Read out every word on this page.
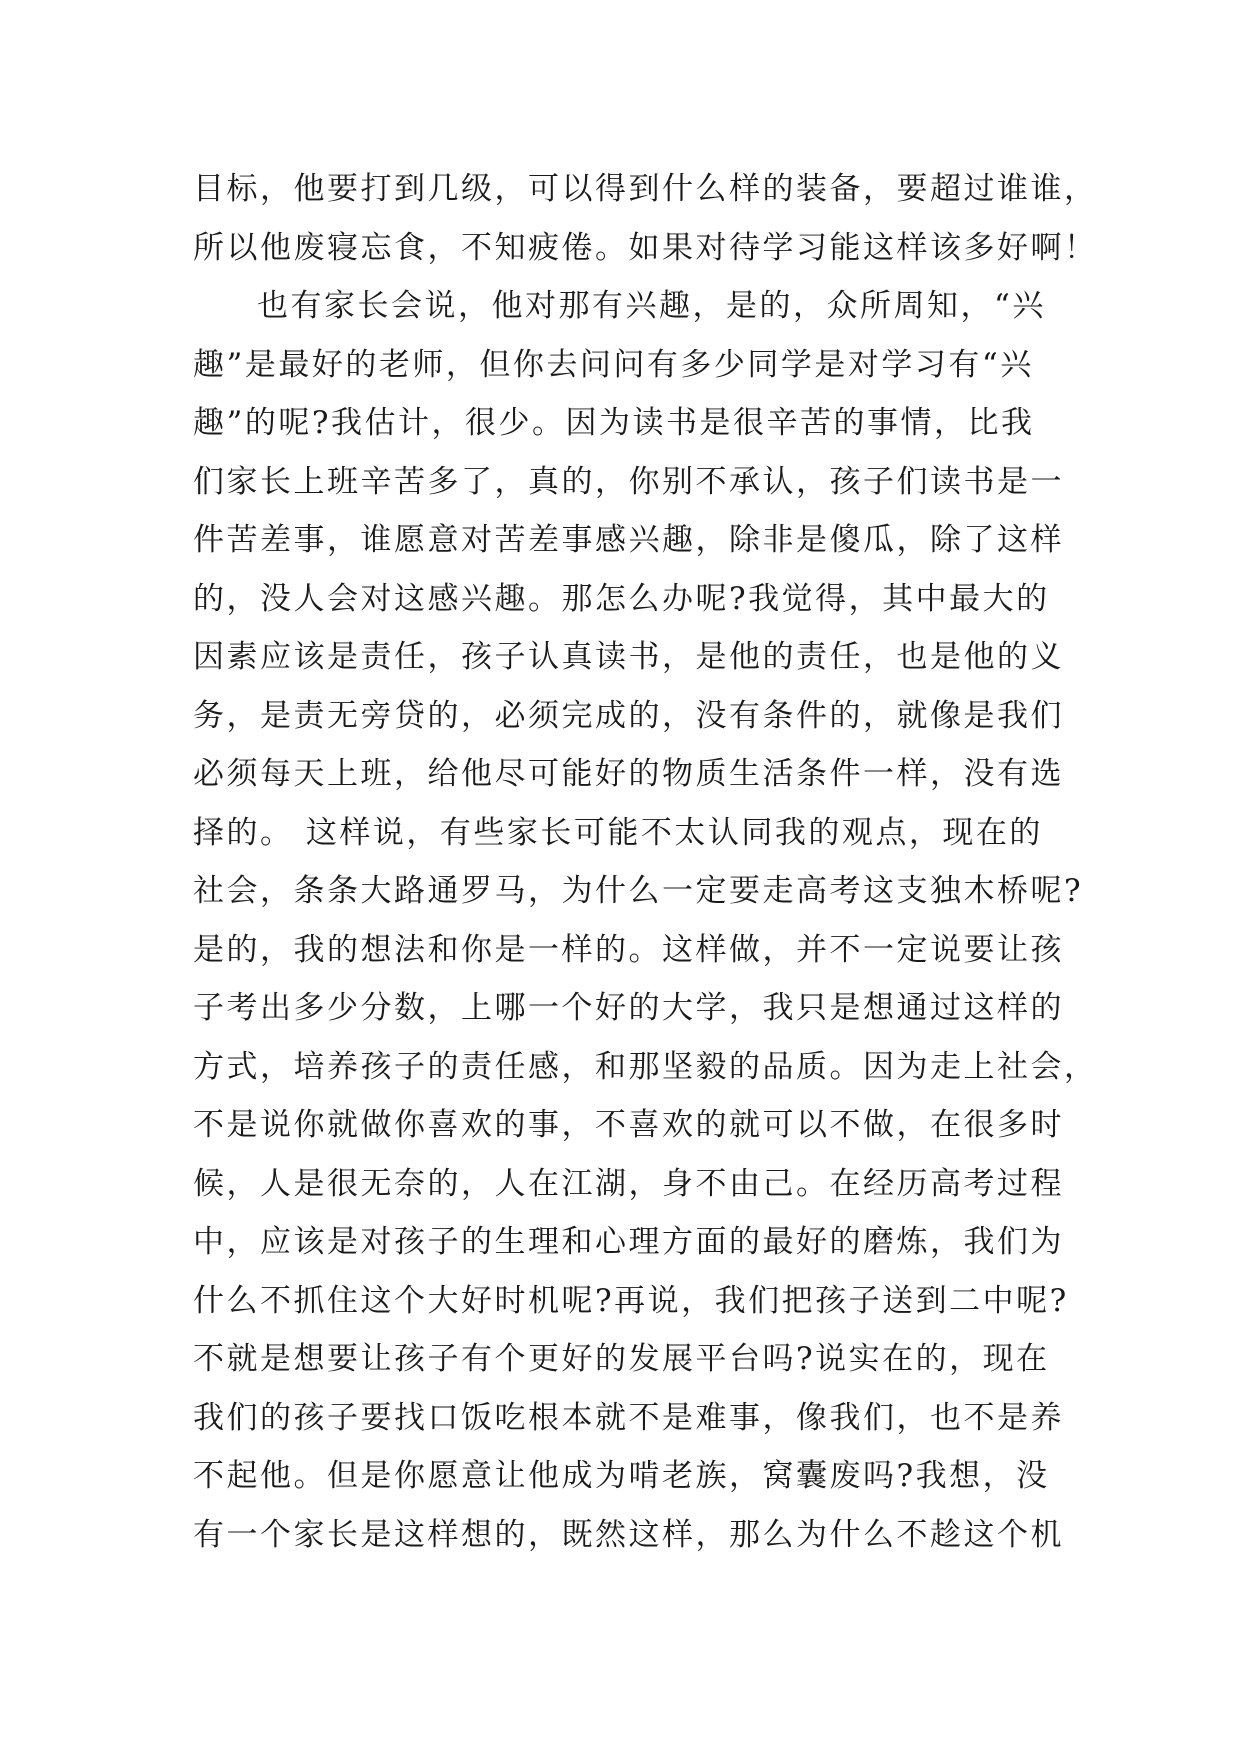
目标，他要打到几级，可以得到什么样的装备，要超过谁谁，
所以他废寝忘食，不知疲倦。如果对待学习能这样该多好啊！
也有家长会说，他对那有兴趣，是的，众所周知，“兴
趣”是最好的老师，但你去问问有多少同学是对学习有“兴
趣”的呢?我估计，很少。因为读书是很辛苦的事情，比我
们家长上班辛苦多了，真的，你别不承认，孩子们读书是一
件苦差事，谁愿意对苦差事感兴趣，除非是傻瓜，除了这样
的，没人会对这感兴趣。那怎么办呢?我觉得，其中最大的
因素应该是责任，孩子认真读书，是他的责任，也是他的义
务，是责无旁贷的，必须完成的，没有条件的，就像是我们
必须每天上班，给他尽可能好的物质生活条件一样，没有选
择的。 这样说，有些家长可能不太认同我的观点，现在的
社会，条条大路通罗马，为什么一定要走高考这支独木桥呢?
是的，我的想法和你是一样的。这样做，并不一定说要让孩
子考出多少分数，上哪一个好的大学，我只是想通过这样的
方式，培养孩子的责任感，和那坚毅的品质。因为走上社会，
不是说你就做你喜欢的事，不喜欢的就可以不做，在很多时
候，人是很无奈的，人在江湖，身不由己。在经历高考过程
中，应该是对孩子的生理和心理方面的最好的磨炼，我们为
什么不抓住这个大好时机呢?再说，我们把孩子送到二中呢?
不就是想要让孩子有个更好的发展平台吗?说实在的，现在
我们的孩子要找口饭吃根本就不是难事，像我们，也不是养
不起他。但是你愿意让他成为啃老族，窝囊废吗?我想，没
有一个家长是这样想的，既然这样，那么为什么不趁这个机
